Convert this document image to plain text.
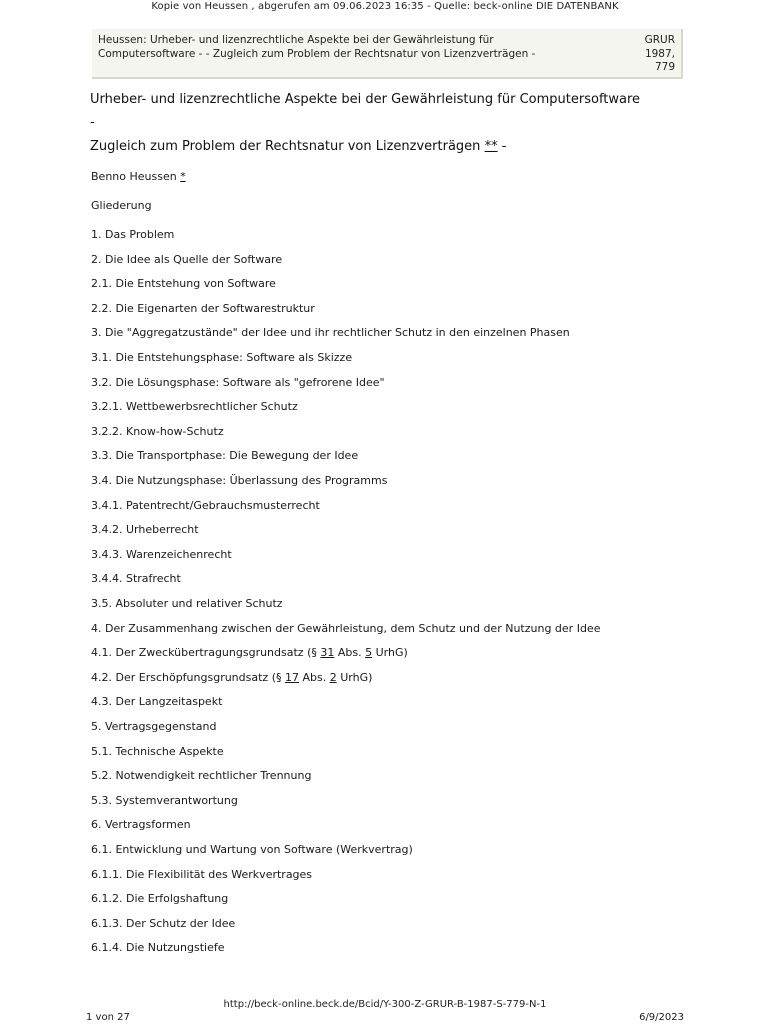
Kopie von Heussen , abgerufen am 09.06.2023 16:35 - Quelle: beck-online DIE DATENBANK
Heussen: Urheber- und lizenzrechtliche Aspekte bei der Gewährleistung für
Computersoftware - - Zugleich zum Problem der Rechtsnatur von Lizenzverträgen -
GRUR
1987,
779
Urheber- und lizenzrechtliche Aspekte bei der Gewährleistung für Computersoftware
-
Zugleich zum Problem der Rechtsnatur von Lizenzverträgen ** -
Benno Heussen *
Gliederung
1. Das Problem
2. Die Idee als Quelle der Software
2.1. Die Entstehung von Software
2.2. Die Eigenarten der Softwarestruktur
3. Die "Aggregatzustände" der Idee und ihr rechtlicher Schutz in den einzelnen Phasen
3.1. Die Entstehungsphase: Software als Skizze
3.2. Die Lösungsphase: Software als "gefrorene Idee"
3.2.1. Wettbewerbsrechtlicher Schutz
3.2.2. Know-how-Schutz
3.3. Die Transportphase: Die Bewegung der Idee
3.4. Die Nutzungsphase: Überlassung des Programms
3.4.1. Patentrecht/Gebrauchsmusterrecht
3.4.2. Urheberrecht
3.4.3. Warenzeichenrecht
3.4.4. Strafrecht
3.5. Absoluter und relativer Schutz
4. Der Zusammenhang zwischen der Gewährleistung, dem Schutz und der Nutzung der Idee
4.1. Der Zweckübertragungsgrundsatz (§ 31 Abs. 5 UrhG)
4.2. Der Erschöpfungsgrundsatz (§ 17 Abs. 2 UrhG)
4.3. Der Langzeitaspekt
5. Vertragsgegenstand
5.1. Technische Aspekte
5.2. Notwendigkeit rechtlicher Trennung
5.3. Systemverantwortung
6. Vertragsformen
6.1. Entwicklung und Wartung von Software (Werkvertrag)
6.1.1. Die Flexibilität des Werkvertrages
6.1.2. Die Erfolgshaftung
6.1.3. Der Schutz der Idee
6.1.4. Die Nutzungstiefe
http://beck-online.beck.de/Bcid/Y-300-Z-GRUR-B-1987-S-779-N-1
1 von 27	6/9/2023
